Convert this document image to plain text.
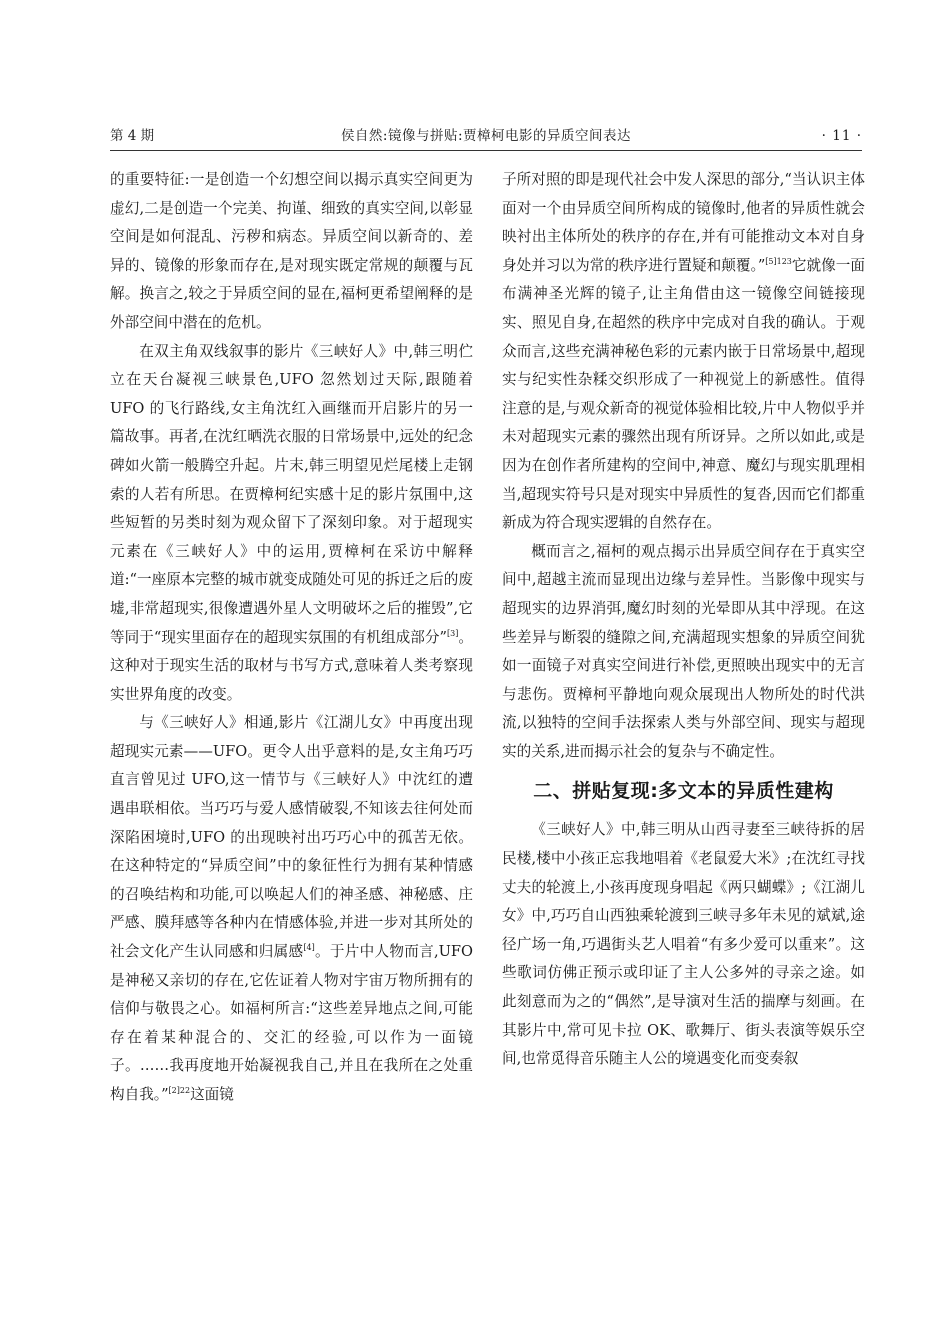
第 4 期	侯自然:镜像与拼贴:贾樟柯电影的异质空间表达	· 11 ·

的重要特征:一是创造一个幻想空间以揭示真实空间更为虚幻,二是创造一个完美、拘谨、细致的真实空间,以彰显空间是如何混乱、污秽和病态。异质空间以新奇的、差异的、镜像的形象而存在,是对现实既定常规的颠覆与瓦解。换言之,较之于异质空间的显在,福柯更希望阐释的是外部空间中潜在的危机。

在双主角双线叙事的影片《三峡好人》中,韩三明伫立在天台凝视三峡景色,UFO 忽然划过天际,跟随着 UFO 的飞行路线,女主角沈红入画继而开启影片的另一篇故事。再者,在沈红晒洗衣服的日常场景中,远处的纪念碑如火箭一般腾空升起。片末,韩三明望见烂尾楼上走钢索的人若有所思。在贾樟柯纪实感十足的影片氛围中,这些短暂的另类时刻为观众留下了深刻印象。对于超现实元素在《三峡好人》中的运用,贾樟柯在采访中解释道:“一座原本完整的城市就变成随处可见的拆迁之后的废墟,非常超现实,很像遭遇外星人文明破坏之后的摧毁”,它等同于“现实里面存在的超现实氛围的有机组成部分”[3]。这种对于现实生活的取材与书写方式,意味着人类考察现实世界角度的改变。

与《三峡好人》相通,影片《江湖儿女》中再度出现超现实元素——UFO。更令人出乎意料的是,女主角巧巧直言曾见过 UFO,这一情节与《三峡好人》中沈红的遭遇串联相依。当巧巧与爱人感情破裂,不知该去往何处而深陷困境时,UFO 的出现映衬出巧巧心中的孤苦无依。在这种特定的“异质空间”中的象征性行为拥有某种情感的召唤结构和功能,可以唤起人们的神圣感、神秘感、庄严感、膜拜感等各种内在情感体验,并进一步对其所处的社会文化产生认同感和归属感[4]。于片中人物而言,UFO 是神秘又亲切的存在,它佐证着人物对宇宙万物所拥有的信仰与敬畏之心。如福柯所言:“这些差异地点之间,可能存在着某种混合的、交汇的经验,可以作为一面镜子。……我再度地开始凝视我自己,并且在我所在之处重构自我。”$^{[2]22}$这面镜

子所对照的即是现代社会中发人深思的部分,“当认识主体面对一个由异质空间所构成的镜像时,他者的异质性就会映衬出主体所处的秩序的存在,并有可能推动文本对自身身处并习以为常的秩序进行置疑和颠覆。”$^{[5]123}$它就像一面布满神圣光辉的镜子,让主角借由这一镜像空间链接现实、照见自身,在超然的秩序中完成对自我的确认。于观众而言,这些充满神秘色彩的元素内嵌于日常场景中,超现实与纪实性杂糅交织形成了一种视觉上的新感性。值得注意的是,与观众新奇的视觉体验相比较,片中人物似乎并未对超现实元素的骤然出现有所讶异。之所以如此,或是因为在创作者所建构的空间中,神意、魔幻与现实肌理相当,超现实符号只是对现实中异质性的复沓,因而它们都重新成为符合现实逻辑的自然存在。

概而言之,福柯的观点揭示出异质空间存在于真实空间中,超越主流而显现出边缘与差异性。当影像中现实与超现实的边界消弭,魔幻时刻的光晕即从其中浮现。在这些差异与断裂的缝隙之间,充满超现实想象的异质空间犹如一面镜子对真实空间进行补偿,更照映出现实中的无言与悲伤。贾樟柯平静地向观众展现出人物所处的时代洪流,以独特的空间手法探索人类与外部空间、现实与超现实的关系,进而揭示社会的复杂与不确定性。

二、拼贴复现:多文本的异质性建构

《三峡好人》中,韩三明从山西寻妻至三峡待拆的居民楼,楼中小孩正忘我地唱着《老鼠爱大米》;在沈红寻找丈夫的轮渡上,小孩再度现身唱起《两只蝴蝶》;《江湖儿女》中,巧巧自山西独乘轮渡到三峡寻多年未见的斌斌,途径广场一角,巧遇街头艺人唱着“有多少爱可以重来”。这些歌词仿佛正预示或印证了主人公多舛的寻亲之途。如此刻意而为之的“偶然”,是导演对生活的揣摩与刻画。在其影片中,常可见卡拉 OK、歌舞厅、街头表演等娱乐空间,也常觅得音乐随主人公的境遇变化而变奏叙
